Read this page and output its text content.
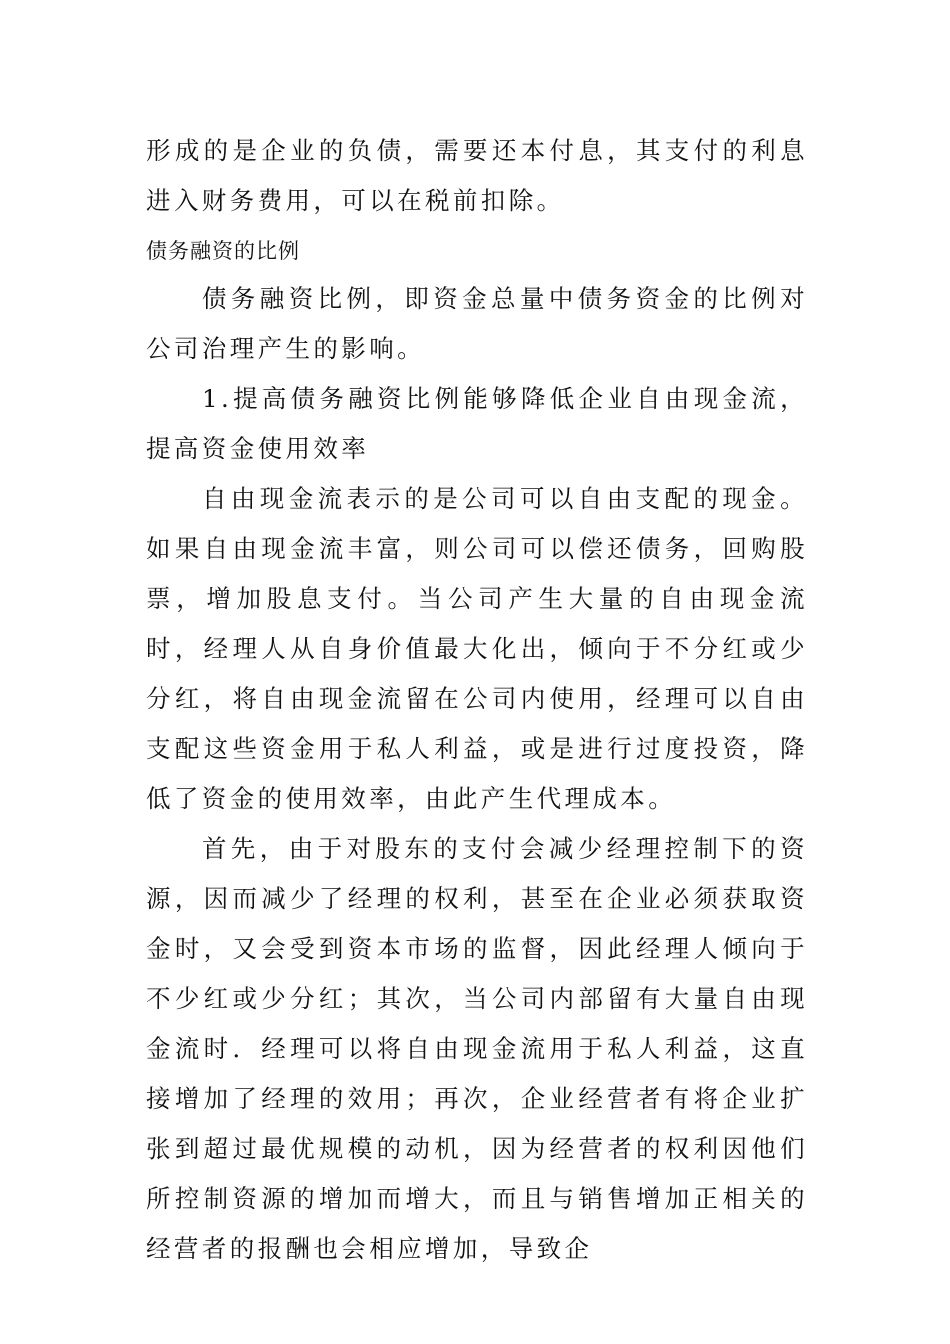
形成的是企业的负债，需要还本付息，其支付的利息进入财务费用，可以在税前扣除。

债务融资的比例

债务融资比例，即资金总量中债务资金的比例对公司治理产生的影响。

1.提高债务融资比例能够降低企业自由现金流，提高资金使用效率

自由现金流表示的是公司可以自由支配的现金。如果自由现金流丰富，则公司可以偿还债务，回购股票，增加股息支付。当公司产生大量的自由现金流时，经理人从自身价值最大化出，倾向于不分红或少分红，将自由现金流留在公司内使用，经理可以自由支配这些资金用于私人利益，或是进行过度投资，降低了资金的使用效率，由此产生代理成本。

首先，由于对股东的支付会减少经理控制下的资源，因而减少了经理的权利，甚至在企业必须获取资金时，又会受到资本市场的监督，因此经理人倾向于不少红或少分红；其次，当公司内部留有大量自由现金流时．经理可以将自由现金流用于私人利益，这直接增加了经理的效用；再次，企业经营者有将企业扩张到超过最优规模的动机，因为经营者的权利因他们所控制资源的增加而增大，而且与销售增加正相关的经营者的报酬也会相应增加，导致企
